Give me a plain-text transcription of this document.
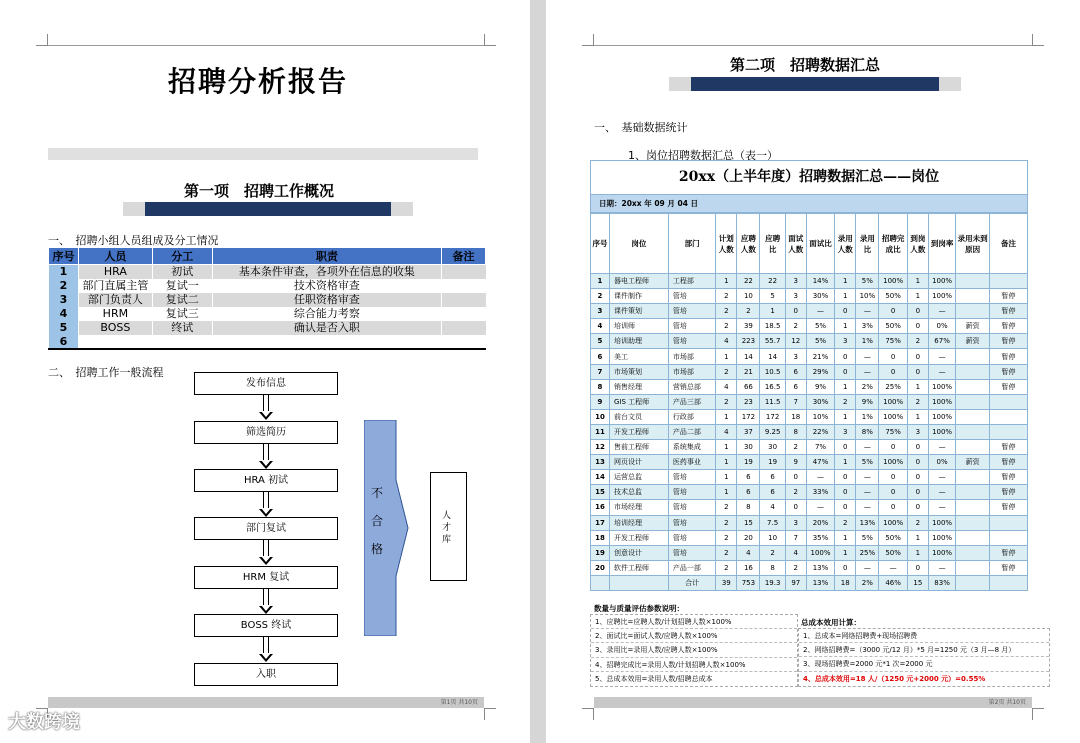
招聘分析报告
第一项　招聘工作概况
一、　招聘小组人员组成及分工情况
序号	人员	分工	职责	备注
1	HRA	初试	基本条件审查，各项外在信息的收集	
2	部门直属主管	复试一	技术资格审查	
3	部门负责人	复试二	任职资格审查	
4	HRM	复试三	综合能力考察	
5	BOSS	终试	确认是否入职	
6				
二、　招聘工作一般流程
发布信息
筛选简历
HRA 初试
部门复试
HRM 复试
BOSS 终试
入职
不
合
格
人
才
库
第1页 共10页
第二项　招聘数据汇总
一、　基础数据统计
1、岗位招聘数据汇总（表一）
20xx（上半年度）招聘数据汇总——岗位
日期：20xx 年 09 月 04 日
序号	岗位	部门	计划人数	应聘人数	应聘比	面试人数	面试比	录用人数	录用比	招聘完成比	到岗人数	到岗率	录用未到原因	备注
1	器电工程师	工程部	1	22	22	3	14%	1	5%	100%	1	100%		
2	课件制作	管培	2	10	5	3	30%	1	10%	50%	1	100%		暂停
3	课件策划	管培	2	2	1	0	—	0	—	0	0	—		暂停
4	培训师	管培	2	39	18.5	2	5%	1	3%	50%	0	0%	薪资	暂停
5	培训助理	管培	4	223	55.7	12	5%	3	1%	75%	2	67%	薪资	暂停
6	美工	市场部	1	14	14	3	21%	0	—	0	0	—		暂停
7	市场策划	市场部	2	21	10.5	6	29%	0	—	0	0	—		暂停
8	销售经理	营销总部	4	66	16.5	6	9%	1	2%	25%	1	100%		暂停
9	GIS 工程师	产品三部	2	23	11.5	7	30%	2	9%	100%	2	100%		
10	前台文员	行政部	1	172	172	18	10%	1	1%	100%	1	100%		
11	开发工程师	产品二部	4	37	9.25	8	22%	3	8%	75%	3	100%		
12	售前工程师	系统集成	1	30	30	2	7%	0	—	0	0	—		暂停
13	网页设计	医药事业	1	19	19	9	47%	1	5%	100%	0	0%	薪资	暂停
14	运营总监	管培	1	6	6	0	—	0	—	0	0	—		暂停
15	技术总监	管培	1	6	6	2	33%	0	—	0	0	—		暂停
16	市场经理	管培	2	8	4	0	—	0	—	0	0	—		暂停
17	培训经理	管培	2	15	7.5	3	20%	2	13%	100%	2	100%		
18	开发工程师	管培	2	20	10	7	35%	1	5%	50%	1	100%		
19	创意设计	管培	2	4	2	4	100%	1	25%	50%	1	100%		暂停
20	软件工程师	产品一部	2	16	8	2	13%	0	—	—	0	—		暂停
		合计	39	753	19.3	97	13%	18	2%	46%	15	83%		
数量与质量评估参数说明：
总成本效用计算：
1、应聘比=应聘人数/计划招聘人数×100%
2、面试比=面试人数/应聘人数×100%
3、录用比=录用人数/应聘人数×100%
4、招聘完成比=录用人数/计划招聘人数×100%
5、总成本效用=录用人数/招聘总成本
1、总成本=网络招聘费+现场招聘费
2、网络招聘费=（3000 元/12 月）*5 月=1250 元（3 月—8 月）
3、现场招聘费=2000 元*1 次=2000 元
4、总成本效用=18 人/（1250 元+2000 元）=0.55%
第2页 共10页
大数跨境
